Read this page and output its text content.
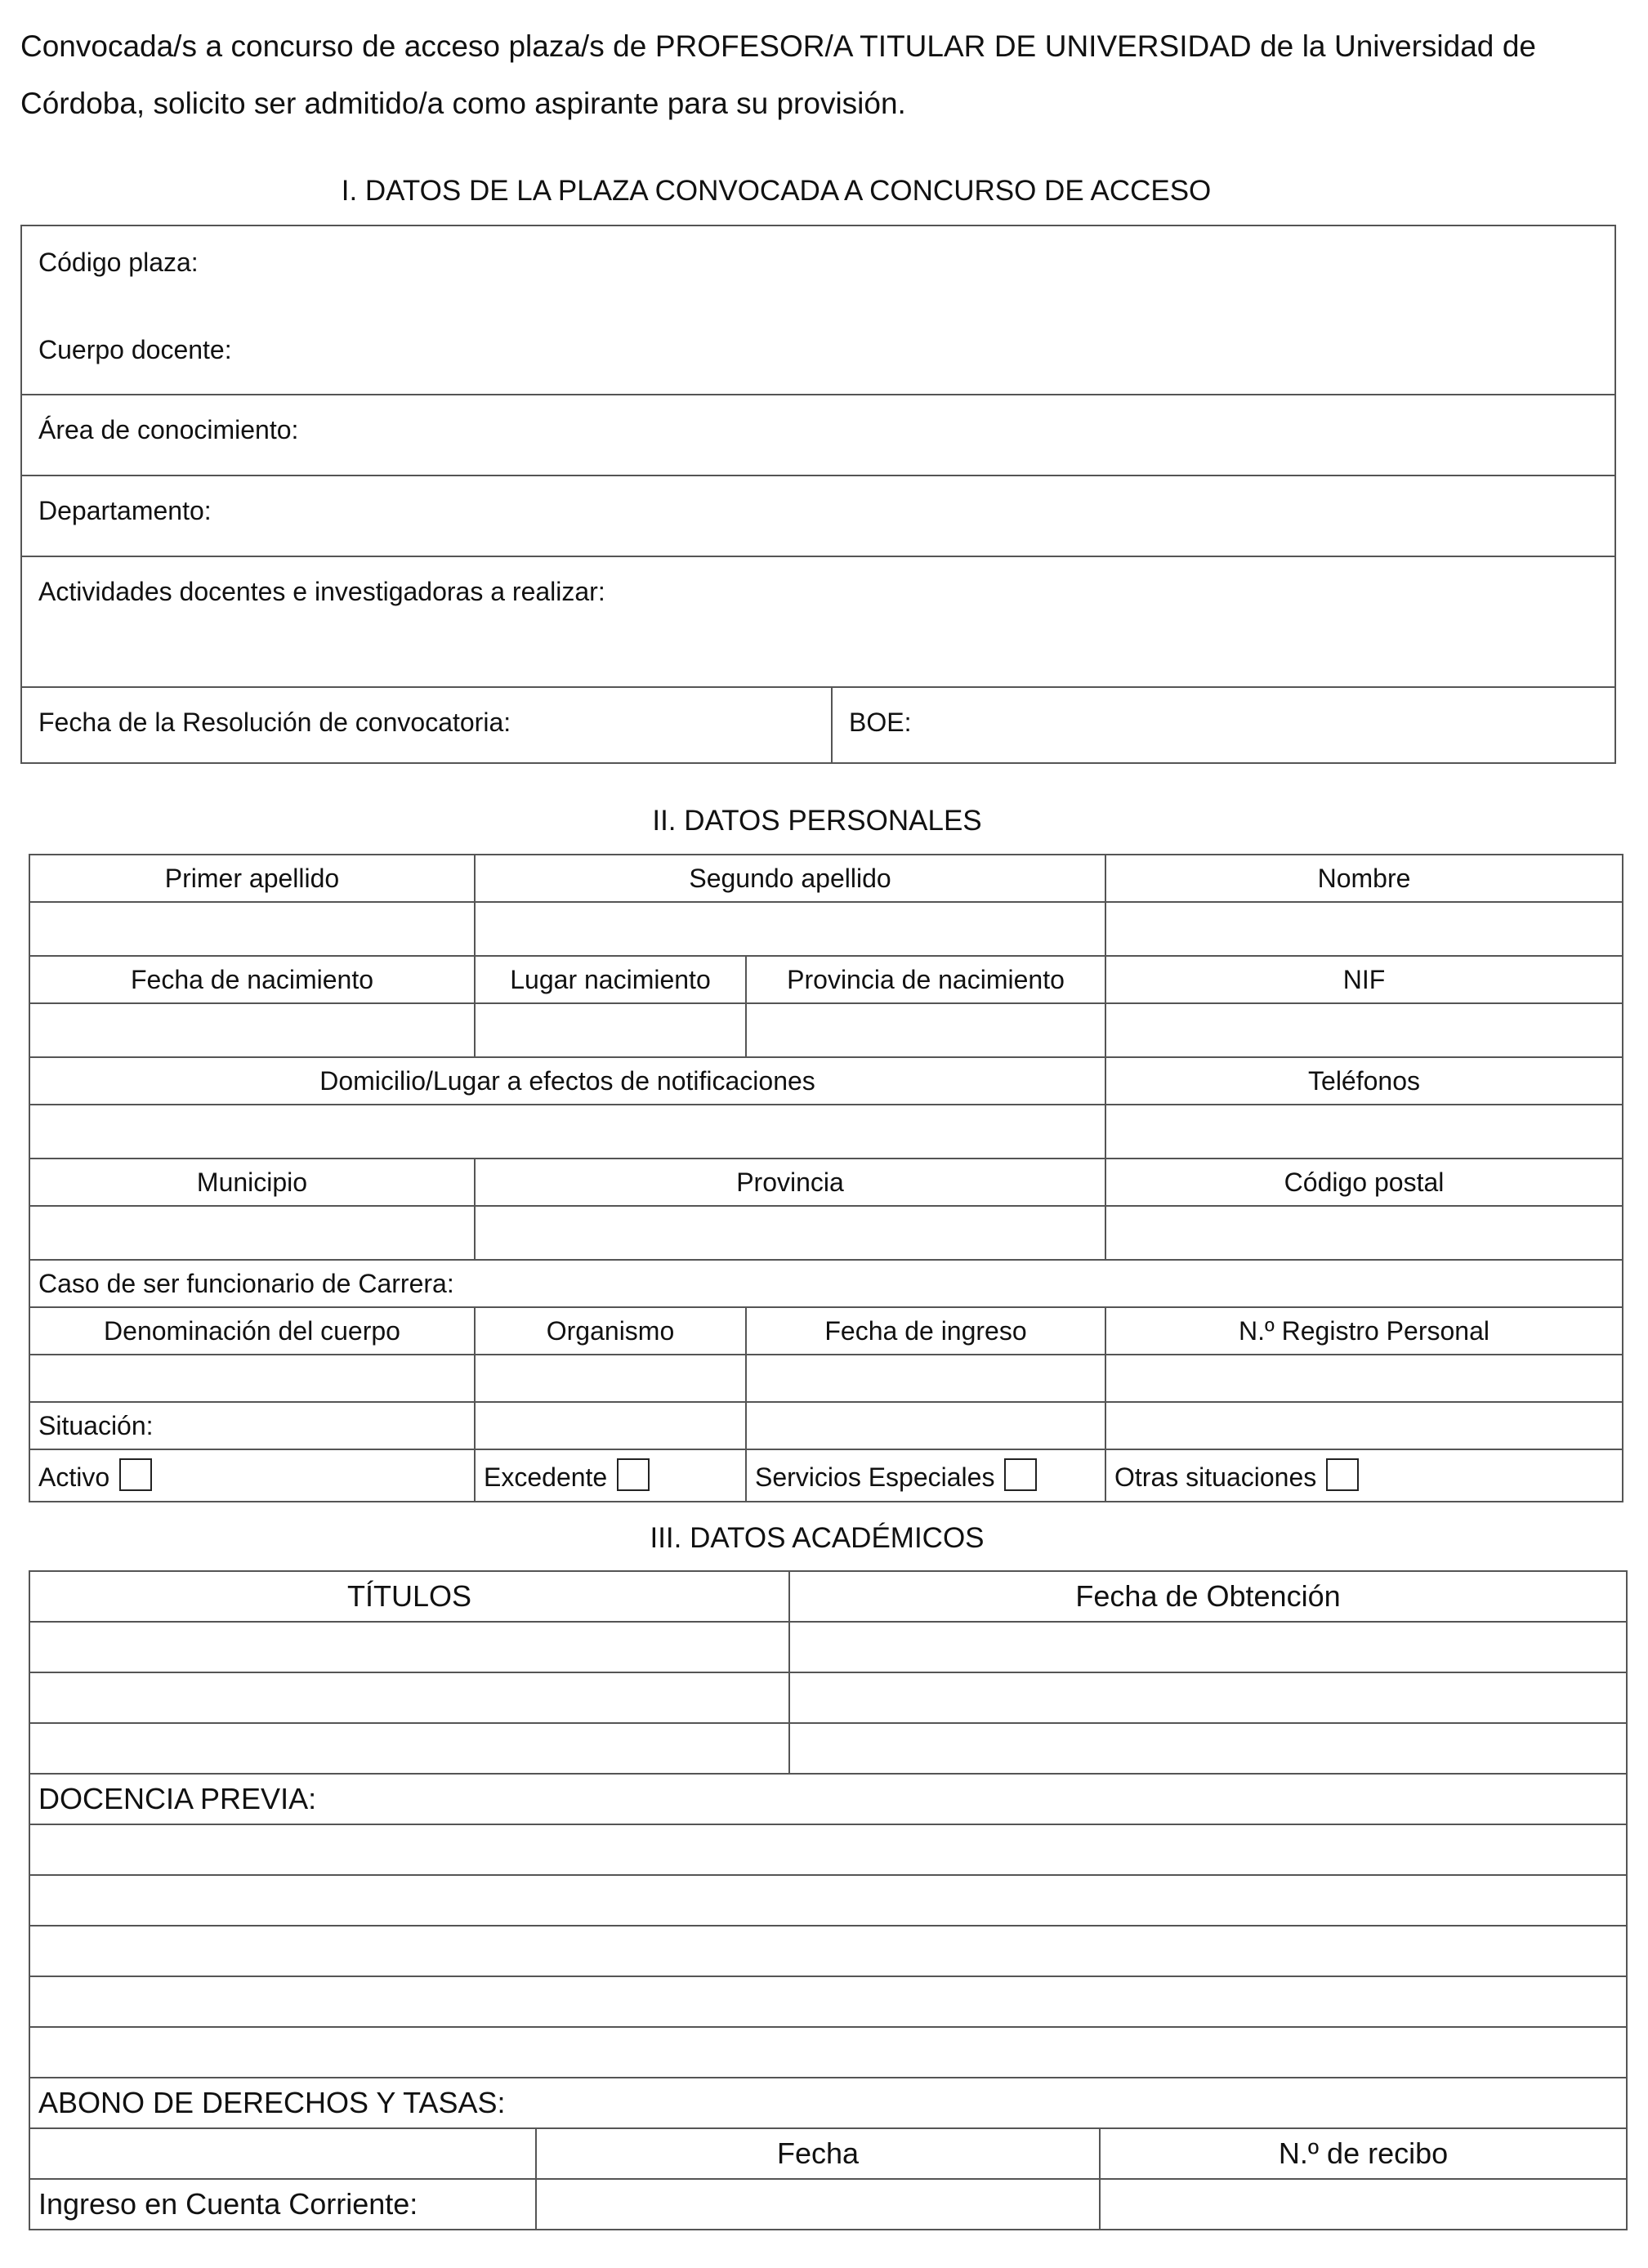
Convocada/s a concurso de acceso plaza/s de PROFESOR/A TITULAR DE UNIVERSIDAD de la Universidad de Córdoba, solicito ser admitido/a como aspirante para su provisión.

I. DATOS DE LA PLAZA CONVOCADA A CONCURSO DE ACCESO
Código plaza:
Cuerpo docente:
Área de conocimiento:
Departamento:
Actividades docentes e investigadoras a realizar:
Fecha de la Resolución de convocatoria:	BOE:
II. DATOS PERSONALES
Primer apellido	Segundo apellido		Nombre

Fecha de nacimiento	Lugar nacimiento	Provincia de nacimiento	NIF

Domicilio/Lugar a efectos de notificaciones			Teléfonos

Municipio	Provincia		Código postal

Caso de ser funcionario de Carrera:			
Denominación del cuerpo	Organismo	Fecha de ingreso	N.º Registro Personal

Situación:			
Activo	Excedente	Servicios Especiales	Otras situaciones
III. DATOS ACADÉMICOS
TÍTULOS		Fecha de Obtención	

DOCENCIA PREVIA:			

ABONO DE DERECHOS Y TASAS:			
	Fecha		N.º de recibo
Ingreso en Cuenta Corriente:			
